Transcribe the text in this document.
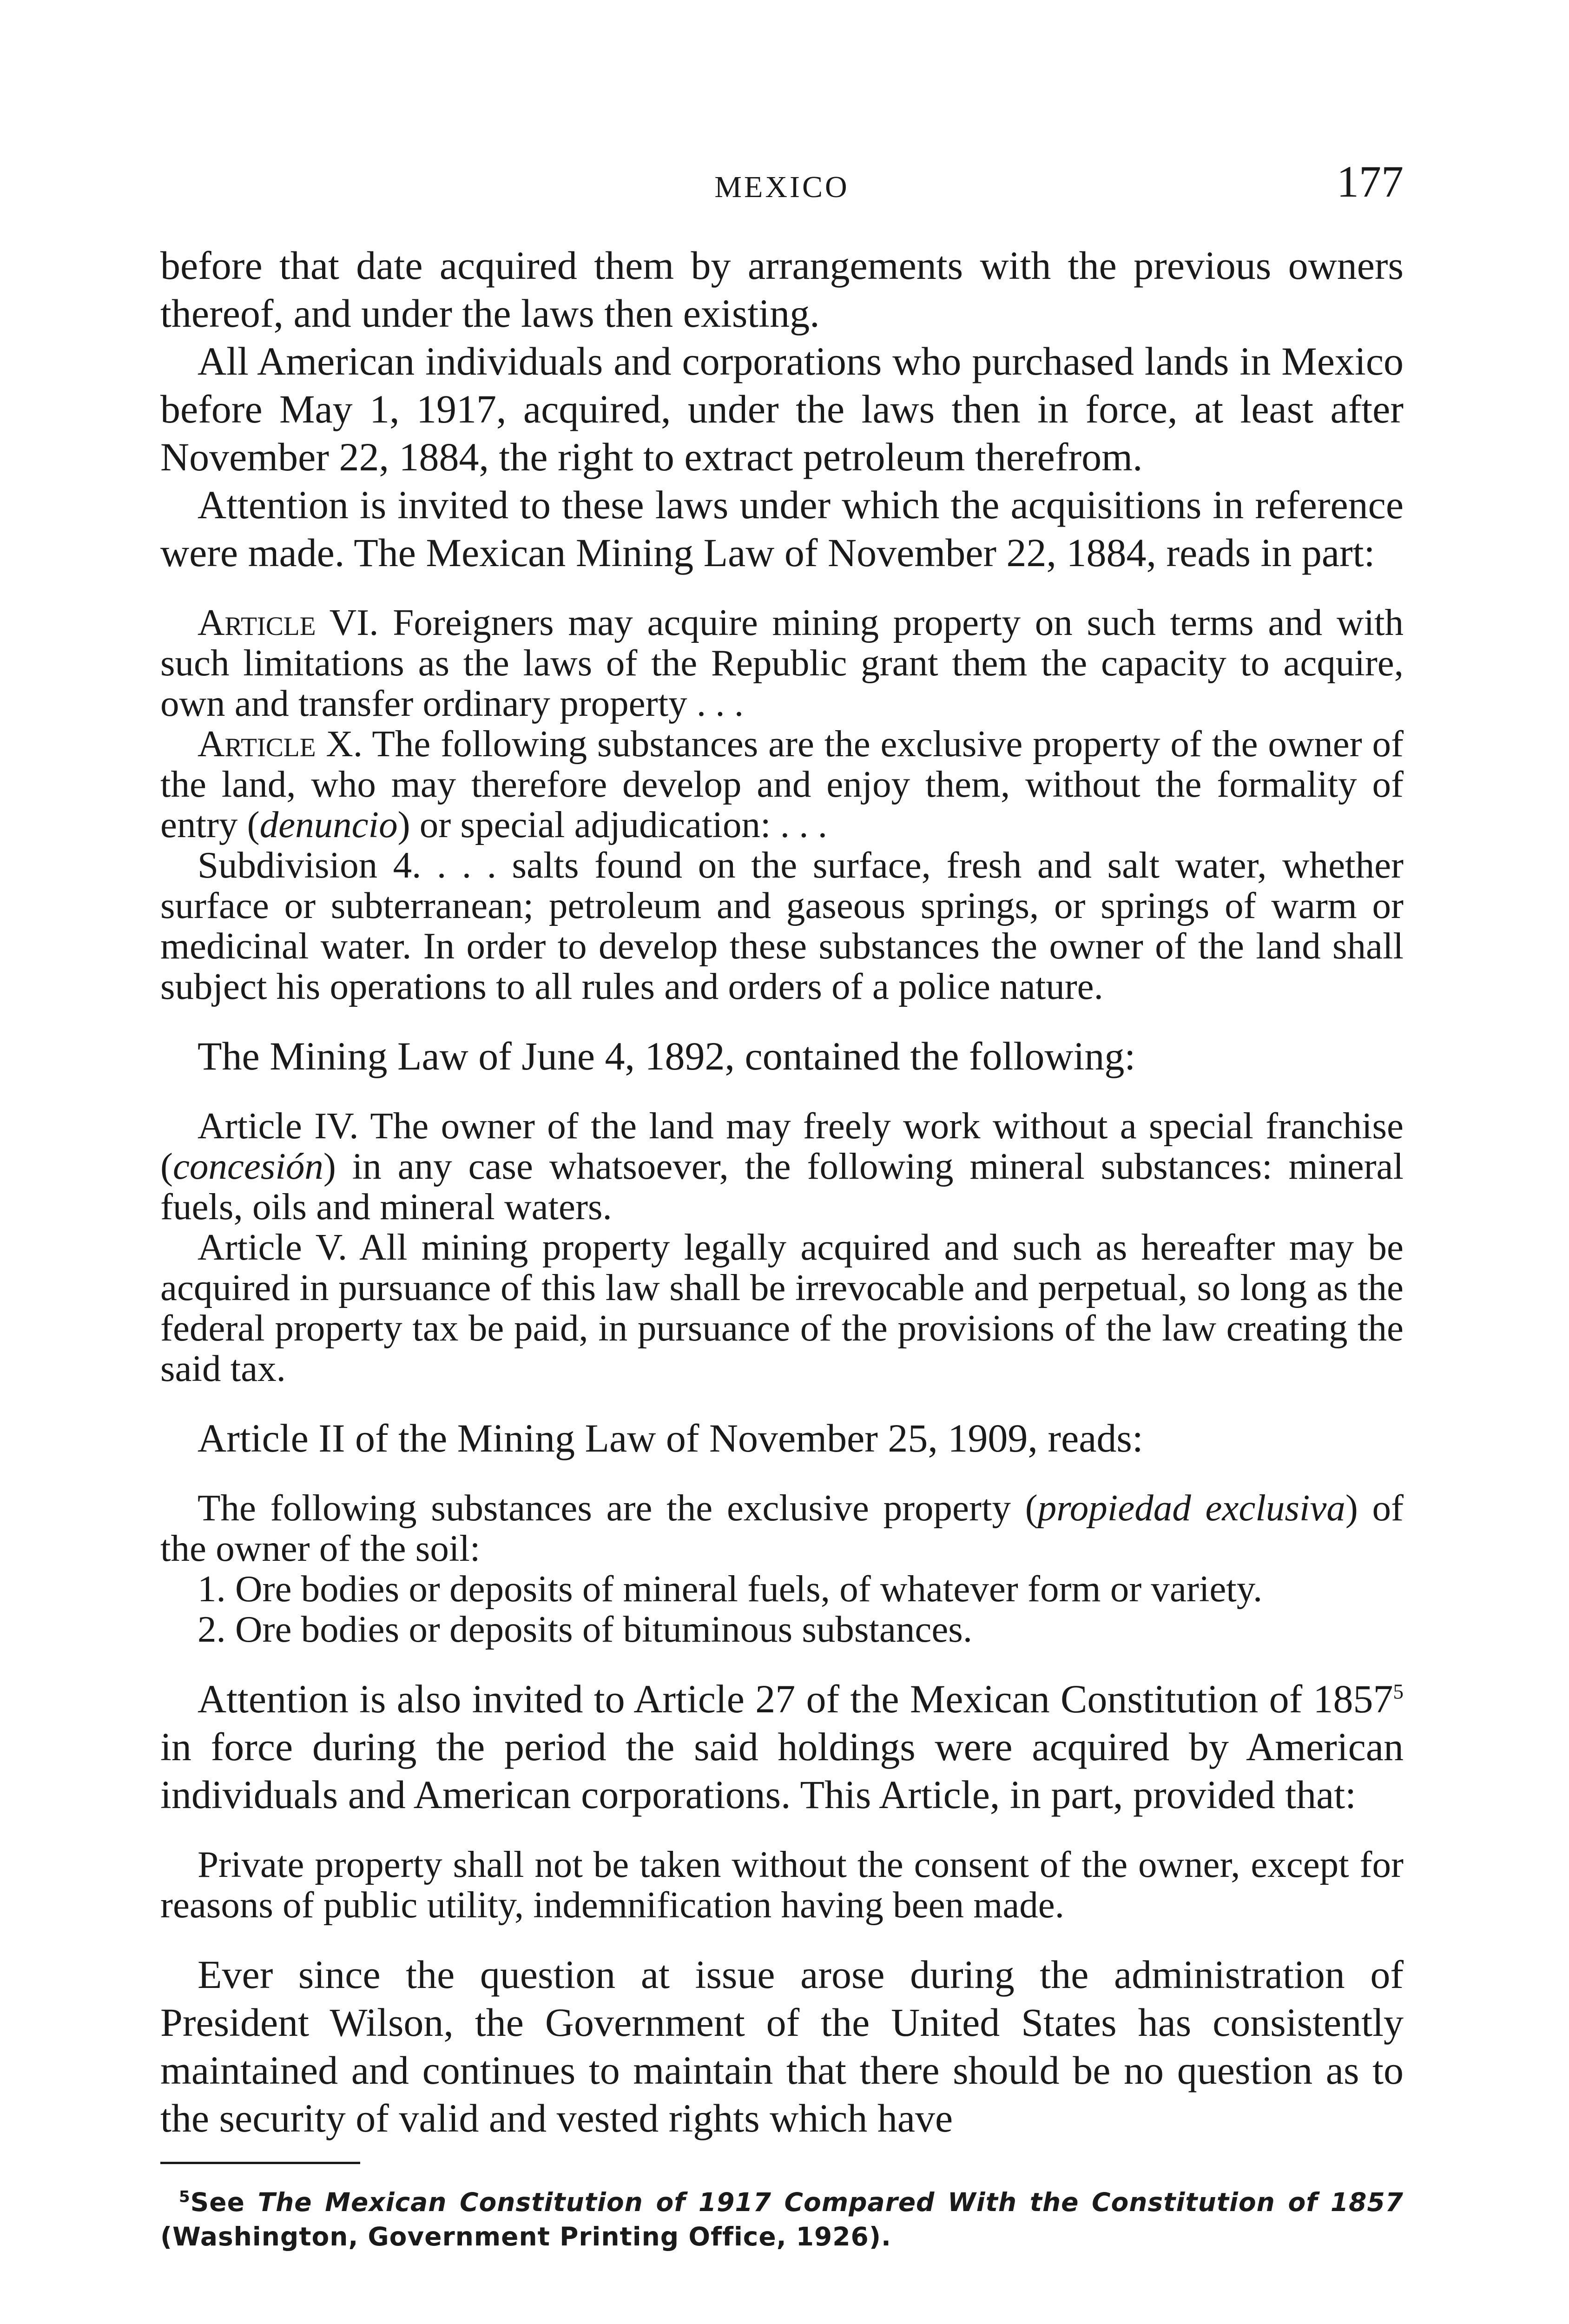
MEXICO	177

before that date acquired them by arrangements with the previous owners thereof, and under the laws then existing.

All American individuals and corporations who purchased lands in Mexico before May 1, 1917, acquired, under the laws then in force, at least after November 22, 1884, the right to extract petroleum therefrom.

Attention is invited to these laws under which the acquisitions in reference were made. The Mexican Mining Law of November 22, 1884, reads in part:

Article VI. Foreigners may acquire mining property on such terms and with such limitations as the laws of the Republic grant them the capacity to acquire, own and transfer ordinary property . . .

Article X. The following substances are the exclusive property of the owner of the land, who may therefore develop and enjoy them, without the formality of entry (denuncio) or special adjudication: . . .

Subdivision 4. . . . salts found on the surface, fresh and salt water, whether surface or subterranean; petroleum and gaseous springs, or springs of warm or medicinal water. In order to develop these substances the owner of the land shall subject his operations to all rules and orders of a police nature.

The Mining Law of June 4, 1892, contained the following:

Article IV. The owner of the land may freely work without a special franchise (concesión) in any case whatsoever, the following mineral substances: mineral fuels, oils and mineral waters.

Article V. All mining property legally acquired and such as hereafter may be acquired in pursuance of this law shall be irrevocable and perpetual, so long as the federal property tax be paid, in pursuance of the provisions of the law creating the said tax.

Article II of the Mining Law of November 25, 1909, reads:

The following substances are the exclusive property (propiedad exclusiva) of the owner of the soil:

1. Ore bodies or deposits of mineral fuels, of whatever form or variety.

2. Ore bodies or deposits of bituminous substances.

Attention is also invited to Article 27 of the Mexican Constitution of 1857$^5$ in force during the period the said holdings were acquired by American individuals and American corporations. This Article, in part, provided that:

Private property shall not be taken without the consent of the owner, except for reasons of public utility, indemnification having been made.

Ever since the question at issue arose during the administration of President Wilson, the Government of the United States has consistently maintained and continues to maintain that there should be no question as to the security of valid and vested rights which have

$^5$See The Mexican Constitution of 1917 Compared With the Constitution of 1857 (Washington, Government Printing Office, 1926).
